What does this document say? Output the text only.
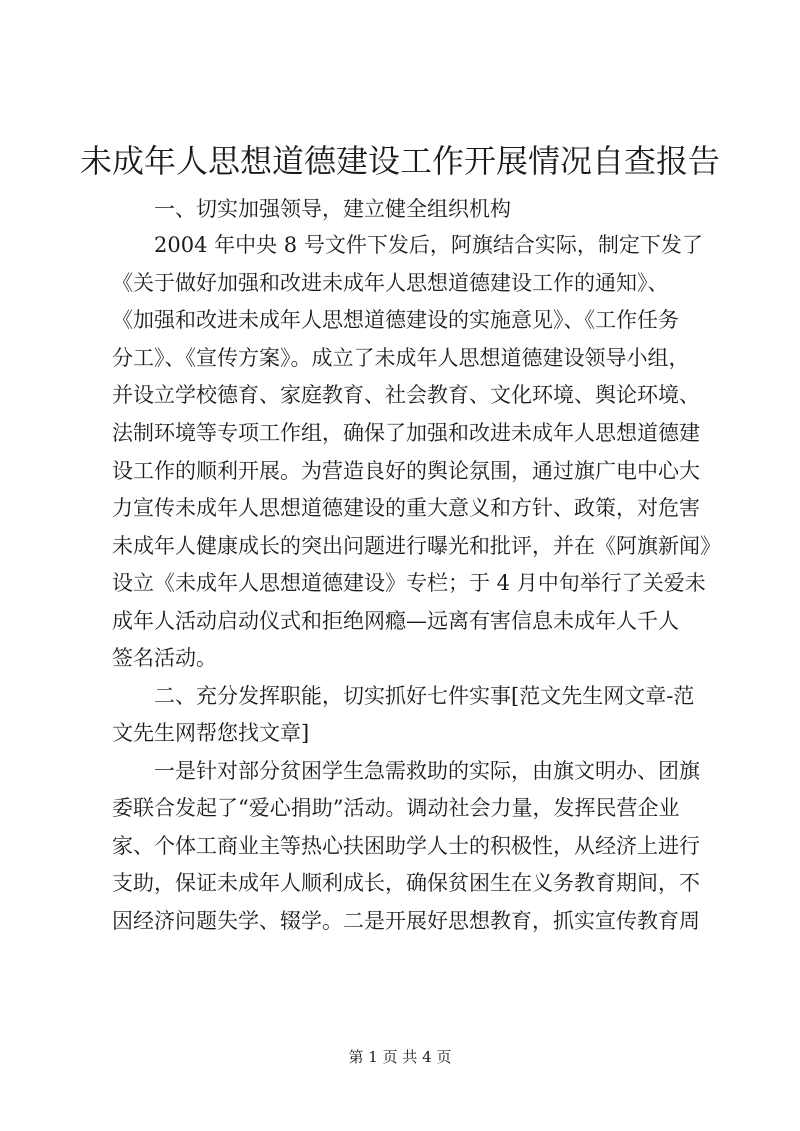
未成年人思想道德建设工作开展情况自查报告
　　一、切实加强领导，建立健全组织机构
　　2004 年中央 8 号文件下发后，阿旗结合实际，制定下发了
《关于做好加强和改进未成年人思想道德建设工作的通知》、
《加强和改进未成年人思想道德建设的实施意见》、《工作任务
分工》、《宣传方案》。成立了未成年人思想道德建设领导小组，
并设立学校德育、家庭教育、社会教育、文化环境、舆论环境、
法制环境等专项工作组，确保了加强和改进未成年人思想道德建
设工作的顺利开展。为营造良好的舆论氛围，通过旗广电中心大
力宣传未成年人思想道德建设的重大意义和方针、政策，对危害
未成年人健康成长的突出问题进行曝光和批评，并在《阿旗新闻》
设立《未成年人思想道德建设》专栏；于 4 月中旬举行了关爱未
成年人活动启动仪式和拒绝网瘾—远离有害信息未成年人千人
签名活动。
　　二、充分发挥职能，切实抓好七件实事[范文先生网文章-范
文先生网帮您找文章]
　　一是针对部分贫困学生急需救助的实际，由旗文明办、团旗
委联合发起了“爱心捐助”活动。调动社会力量，发挥民营企业
家、个体工商业主等热心扶困助学人士的积极性，从经济上进行
支助，保证未成年人顺利成长，确保贫困生在义务教育期间，不
因经济问题失学、辍学。二是开展好思想教育，抓实宣传教育周
第 1 页 共 4 页
